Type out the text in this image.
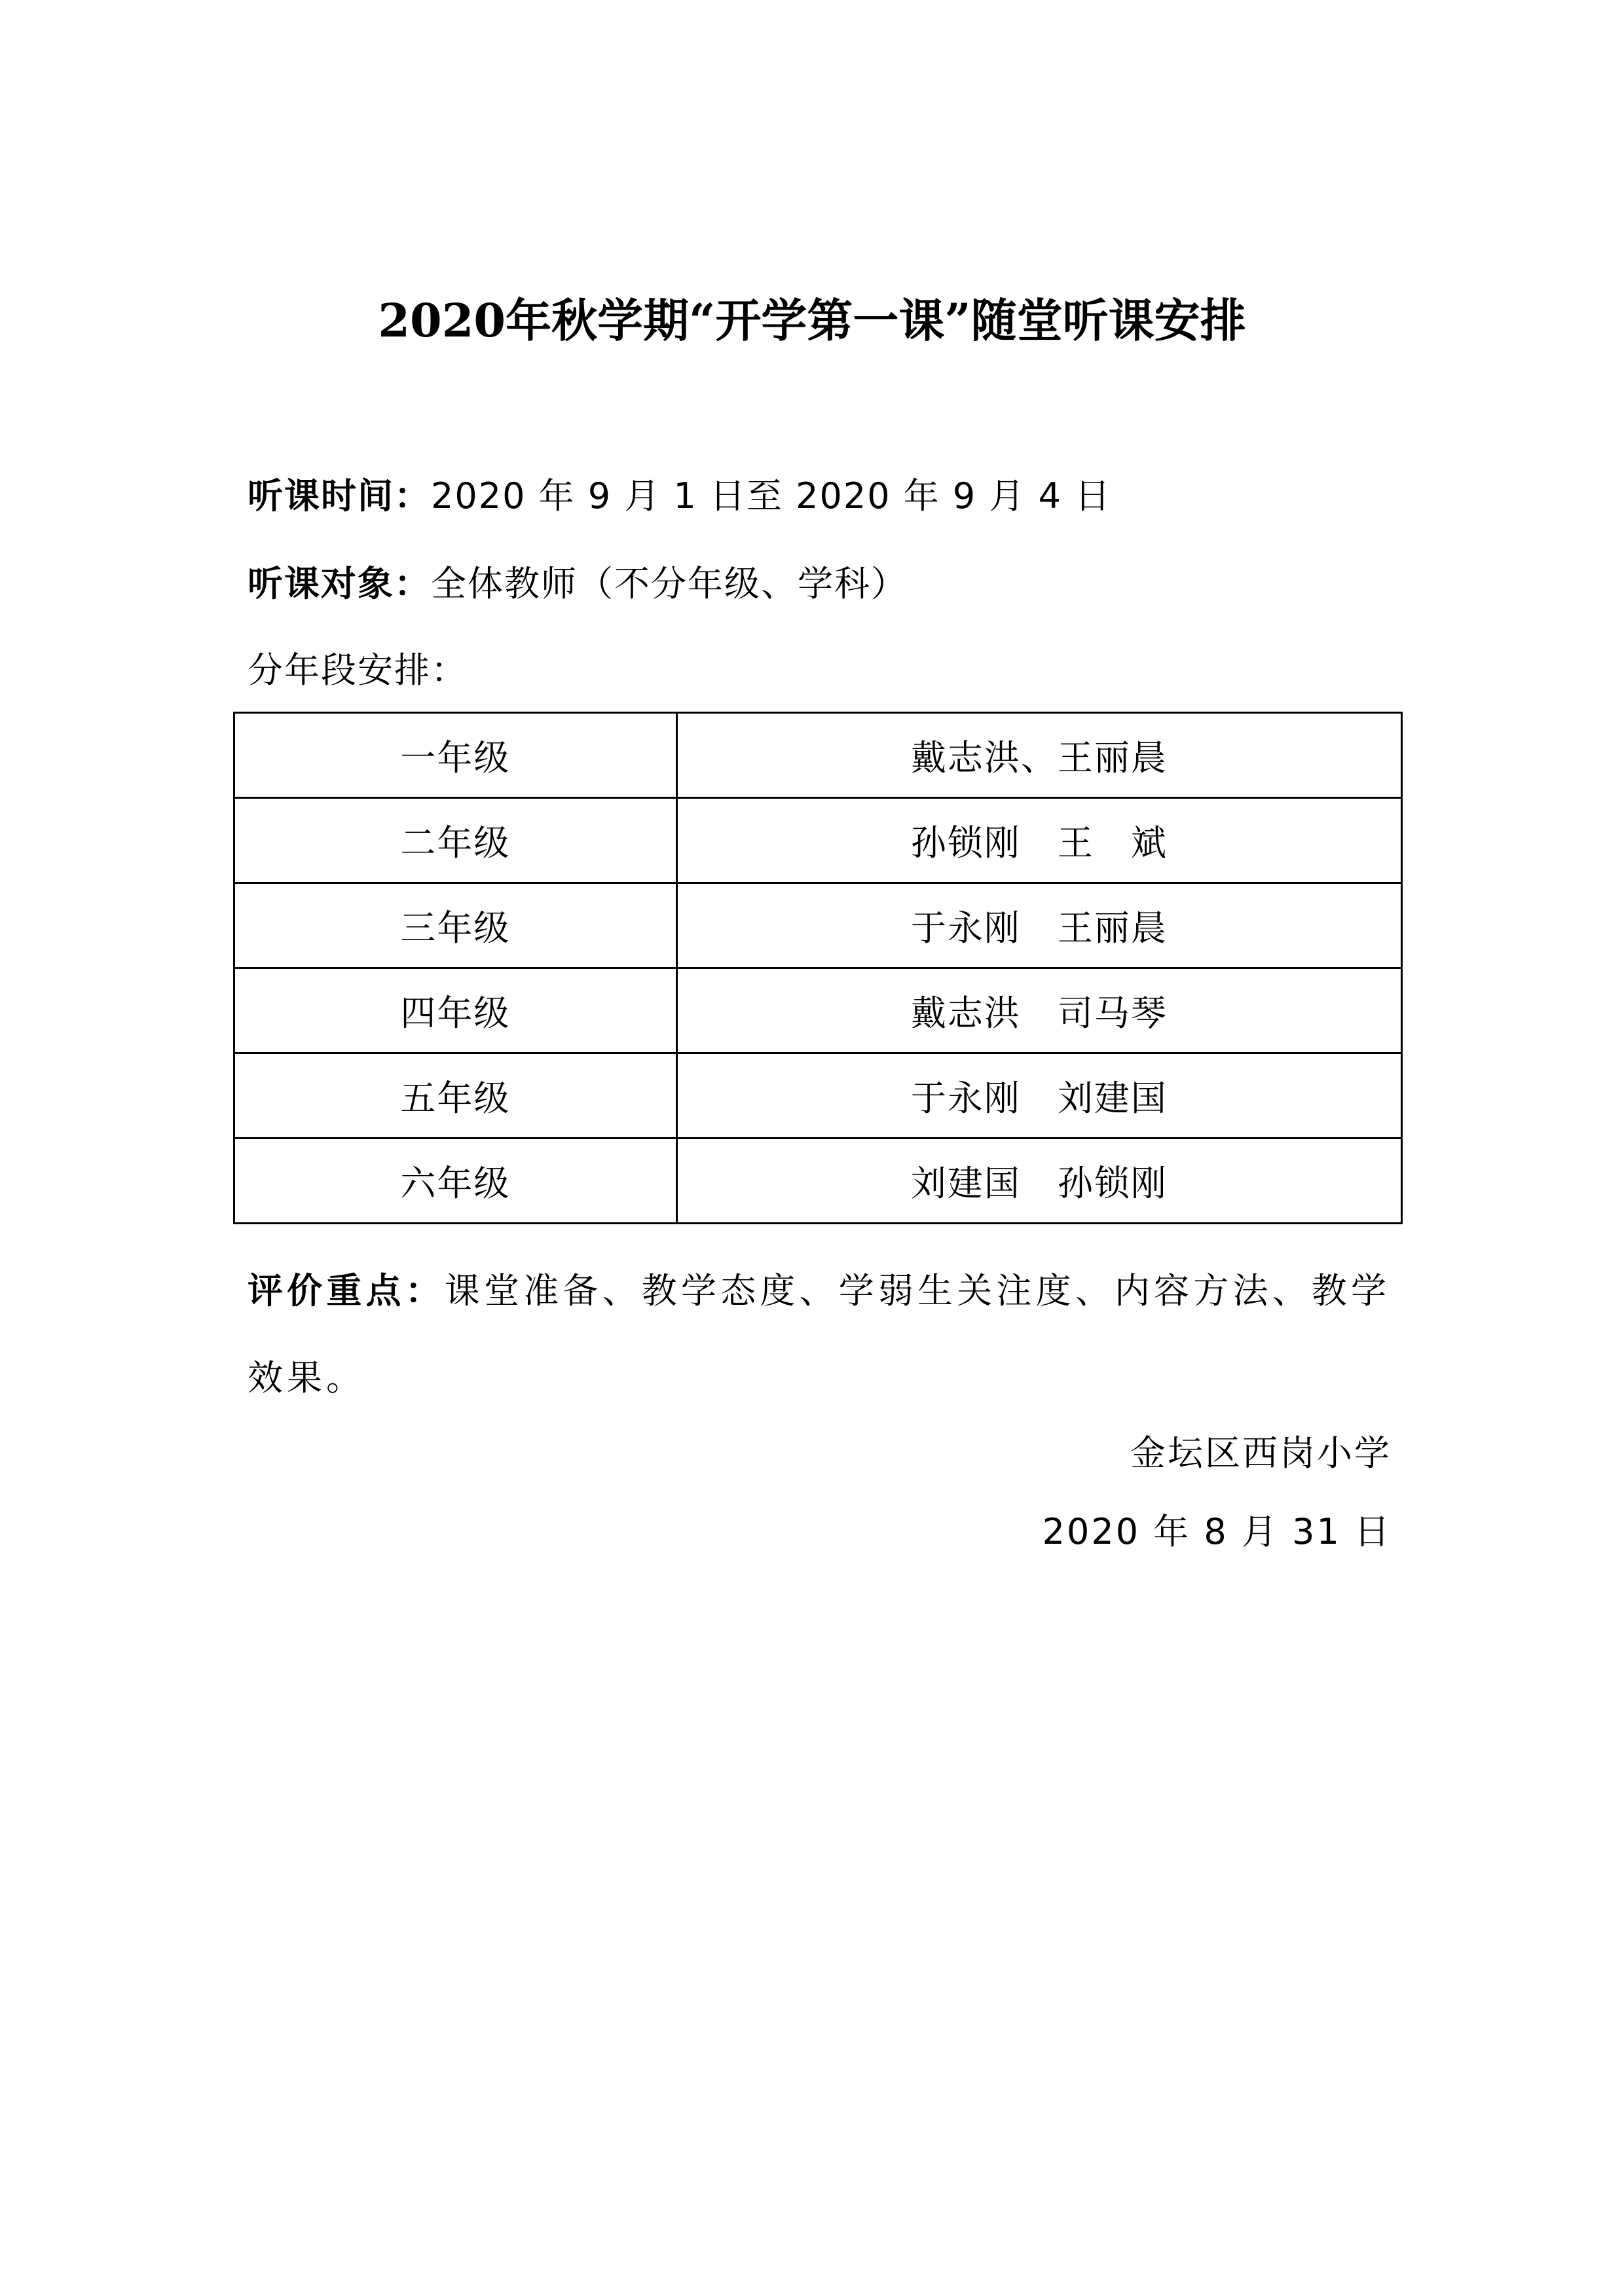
2020年秋学期“开学第一课”随堂听课安排
听课时间：2020 年 9 月 1 日至 2020 年 9 月 4 日
听课对象：全体教师（不分年级、学科）
分年段安排：
一年级	戴志洪、王丽晨
二年级	孙锁刚　王　斌
三年级	于永刚　王丽晨
四年级	戴志洪　司马琴
五年级	于永刚　刘建国
六年级	刘建国　孙锁刚
评价重点：课堂准备、教学态度、学弱生关注度、内容方法、教学效果。
金坛区西岗小学
2020 年 8 月 31 日
